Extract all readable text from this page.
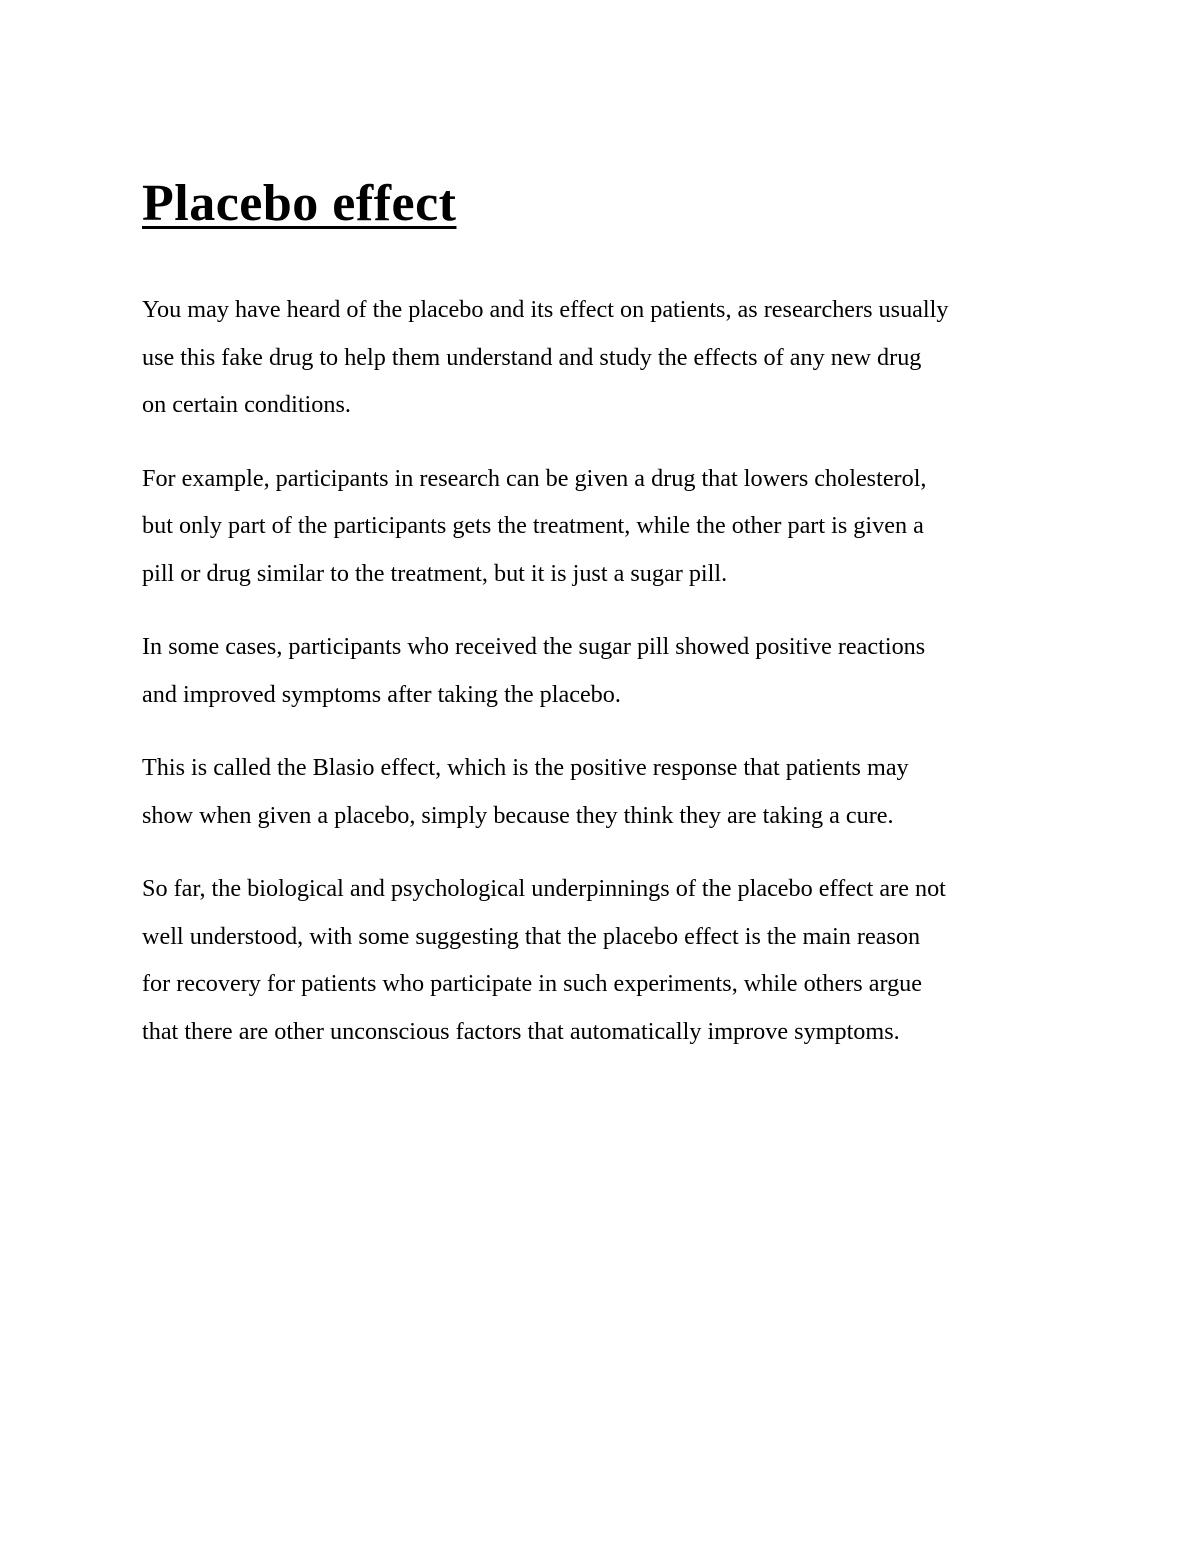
Placebo effect

You may have heard of the placebo and its effect on patients, as researchers usually
use this fake drug to help them understand and study the effects of any new drug
on certain conditions.

For example, participants in research can be given a drug that lowers cholesterol,
but only part of the participants gets the treatment, while the other part is given a
pill or drug similar to the treatment, but it is just a sugar pill.

In some cases, participants who received the sugar pill showed positive reactions
and improved symptoms after taking the placebo.

This is called the Blasio effect, which is the positive response that patients may
show when given a placebo, simply because they think they are taking a cure.

So far, the biological and psychological underpinnings of the placebo effect are not
well understood, with some suggesting that the placebo effect is the main reason
for recovery for patients who participate in such experiments, while others argue
that there are other unconscious factors that automatically improve symptoms.
